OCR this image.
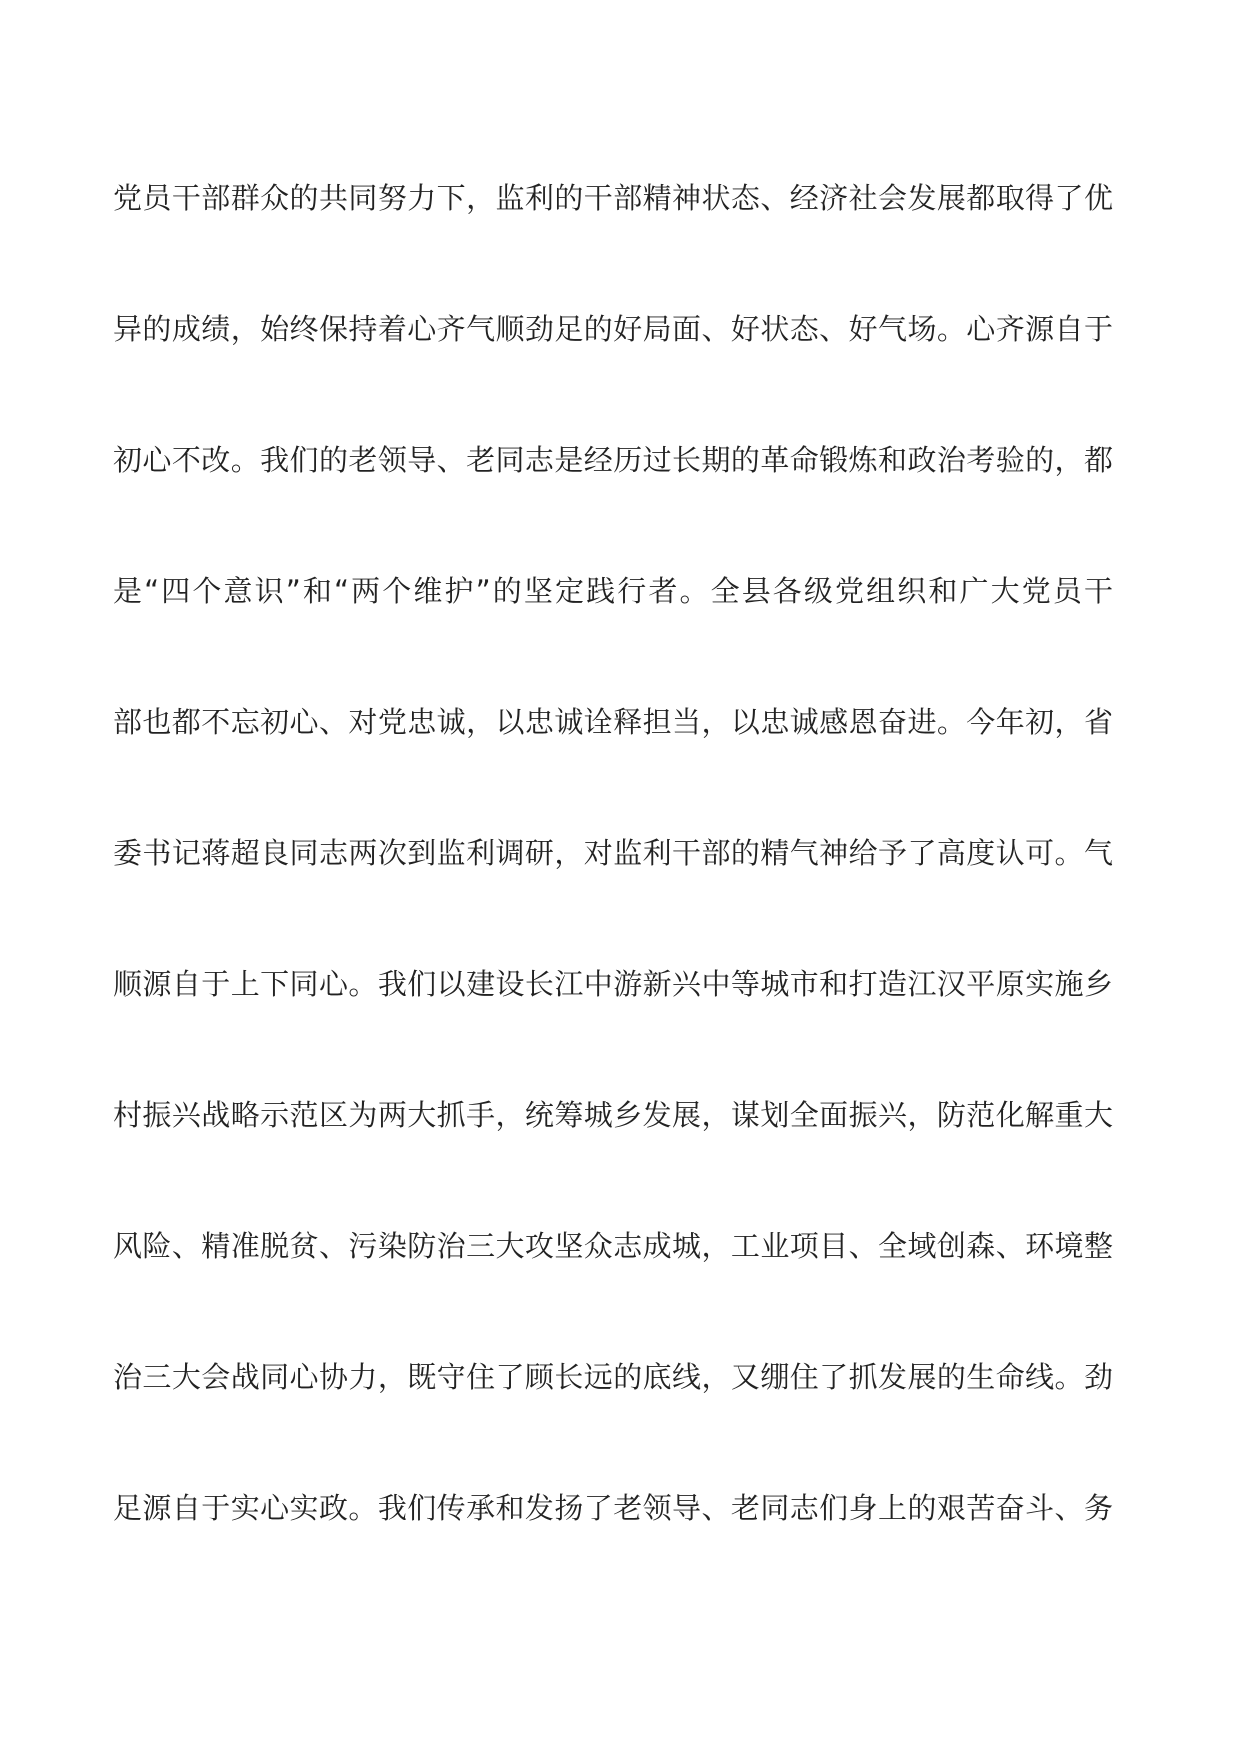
党员干部群众的共同努力下，监利的干部精神状态、经济社会发展都取得了优
异的成绩，始终保持着心齐气顺劲足的好局面、好状态、好气场。心齐源自于
初心不改。我们的老领导、老同志是经历过长期的革命锻炼和政治考验的，都
是“四个意识”和“两个维护”的坚定践行者。全县各级党组织和广大党员干
部也都不忘初心、对党忠诚，以忠诚诠释担当，以忠诚感恩奋进。今年初，省
委书记蒋超良同志两次到监利调研，对监利干部的精气神给予了高度认可。气
顺源自于上下同心。我们以建设长江中游新兴中等城市和打造江汉平原实施乡
村振兴战略示范区为两大抓手，统筹城乡发展，谋划全面振兴，防范化解重大
风险、精准脱贫、污染防治三大攻坚众志成城，工业项目、全域创森、环境整
治三大会战同心协力，既守住了顾长远的底线，又绷住了抓发展的生命线。劲
足源自于实心实政。我们传承和发扬了老领导、老同志们身上的艰苦奋斗、务
